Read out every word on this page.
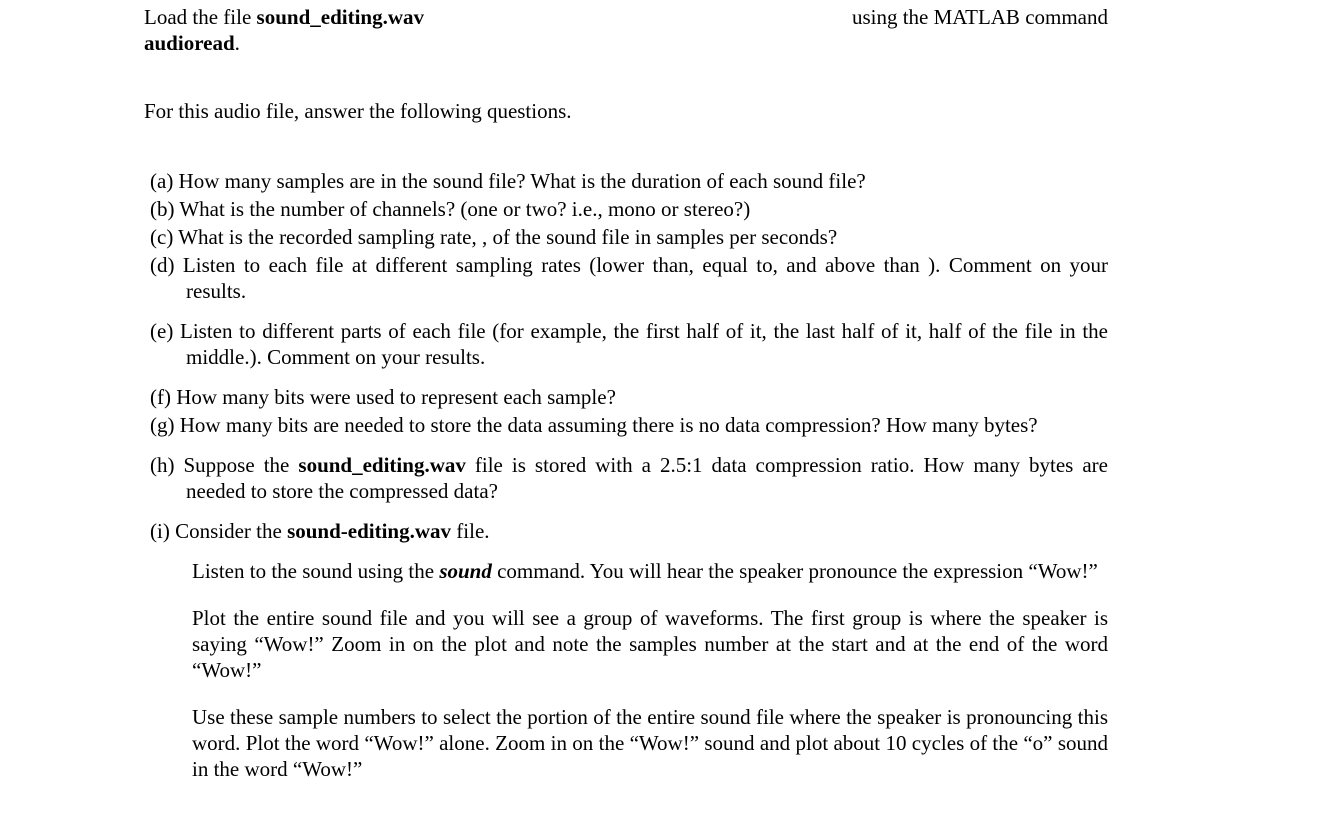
Load the file sound_editing.wav
audioread.
using the MATLAB command

For this audio file, answer the following questions.

(a) How many samples are in the sound file? What is the duration of each sound file?

(b) What is the number of channels? (one or two? i.e., mono or stereo?)

(c) What is the recorded sampling rate, , of the sound file in samples per seconds?

(d) Listen to each file at different sampling rates (lower than, equal to, and above than ). Comment on your results.

(e) Listen to different parts of each file (for example, the first half of it, the last half of it, half of the file in the middle.). Comment on your results.

(f) How many bits were used to represent each sample?

(g) How many bits are needed to store the data assuming there is no data compression? How many bytes?

(h) Suppose the sound_editing.wav file is stored with a 2.5:1 data compression ratio. How many bytes are needed to store the compressed data?

(i) Consider the sound-editing.wav file.

Listen to the sound using the sound command. You will hear the speaker pronounce the expression “Wow!”

Plot the entire sound file and you will see a group of waveforms. The first group is where the speaker is saying “Wow!” Zoom in on the plot and note the samples number at the start and at the end of the word “Wow!”

Use these sample numbers to select the portion of the entire sound file where the speaker is pronouncing this word. Plot the word “Wow!” alone. Zoom in on the “Wow!” sound and plot about 10 cycles of the “o” sound in the word “Wow!”
